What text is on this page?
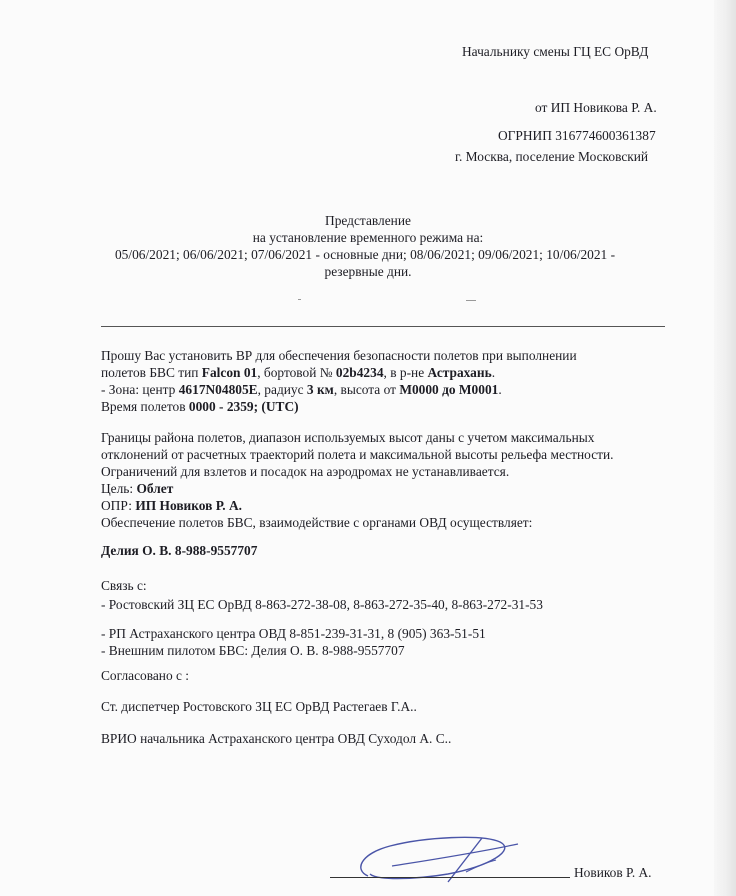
Начальнику смены ГЦ ЕС ОрВД
от ИП Новикова Р. А.
ОГРНИП 316774600361387
г. Москва, поселение Московский
Представление
на установление временного режима на:
05/06/2021; 06/06/2021; 07/06/2021 - основные дни; 08/06/2021; 09/06/2021; 10/06/2021 -
резервные дни.
Прошу Вас установить ВР для обеспечения безопасности полетов при выполнении
полетов БВС тип Falcon 01, бортовой № 02b4234, в р-не Астрахань.
- Зона: центр 4617N04805E, радиус 3 км, высота от М0000 до М0001.
Время полетов 0000 - 2359; (UTC)
Границы района полетов, диапазон используемых высот даны с учетом максимальных
отклонений от расчетных траекторий полета и максимальной высоты рельефа местности.
Ограничений для взлетов и посадок на аэродромах не устанавливается.
Цель: Облет
ОПР: ИП Новиков Р. А.
Обеспечение полетов БВС, взаимодействие с органами ОВД осуществляет:
Делия О. В. 8-988-9557707
Связь с:
- Ростовский ЗЦ ЕС ОрВД 8-863-272-38-08, 8-863-272-35-40, 8-863-272-31-53
- РП Астраханского центра ОВД 8-851-239-31-31, 8 (905) 363-51-51
- Внешним пилотом БВС: Делия О. В. 8-988-9557707
Согласовано с :
Ст. диспетчер Ростовского ЗЦ ЕС ОрВД Растегаев Г.А..
ВРИО начальника Астраханского центра ОВД Суходол А. С..
Новиков Р. А.
